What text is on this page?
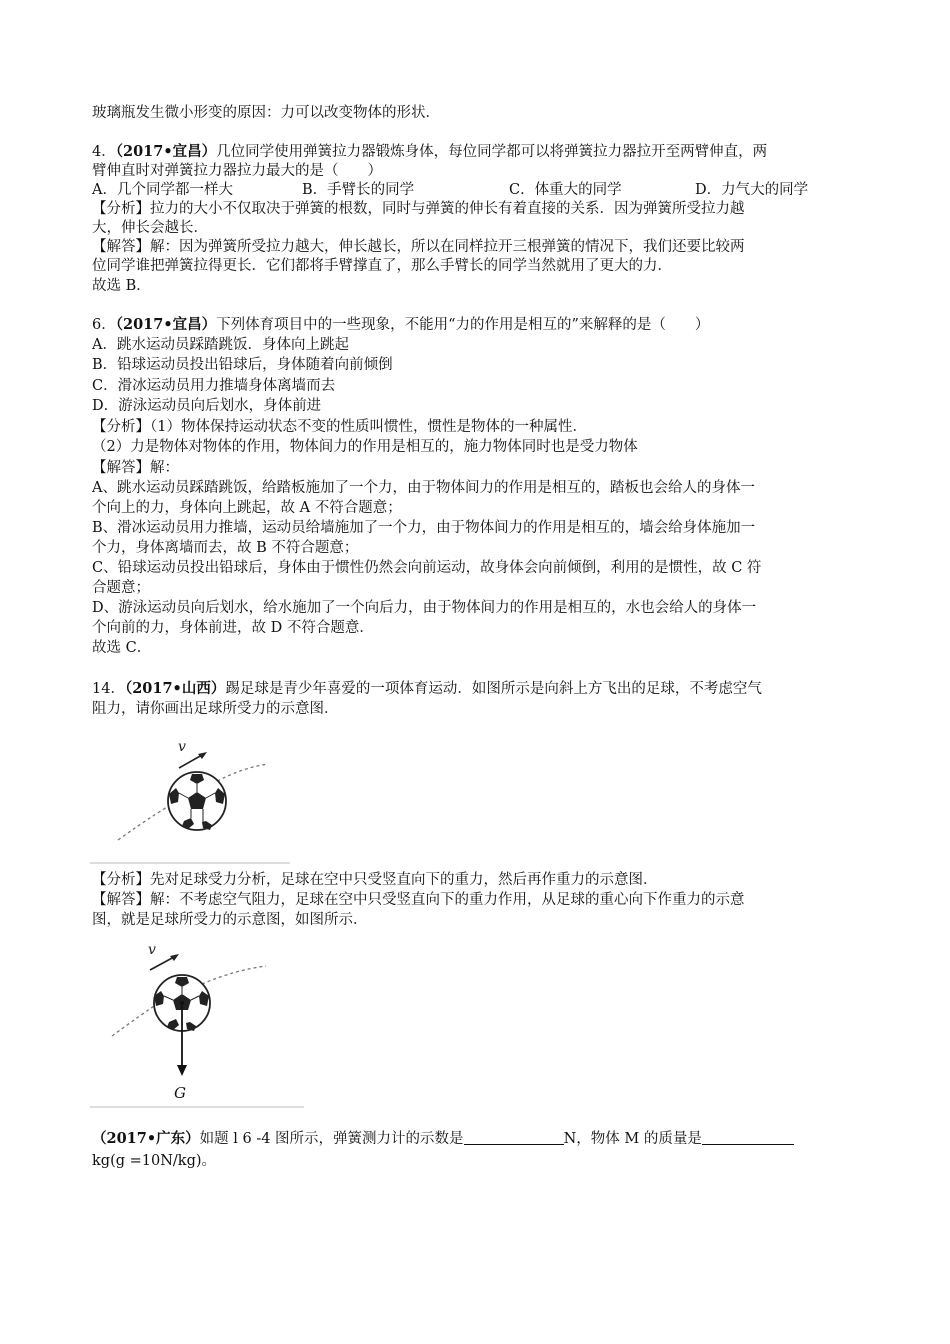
玻璃瓶发生微小形变的原因：力可以改变物体的形状．
4．（2017•宜昌）几位同学使用弹簧拉力器锻炼身体，每位同学都可以将弹簧拉力器拉开至两臂伸直，两
臂伸直时对弹簧拉力器拉力最大的是（　　）
A．几个同学都一样大	B．手臂长的同学	C．体重大的同学	D．力气大的同学
【分析】拉力的大小不仅取决于弹簧的根数，同时与弹簧的伸长有着直接的关系．因为弹簧所受拉力越
大，伸长会越长．
【解答】解：因为弹簧所受拉力越大，伸长越长，所以在同样拉开三根弹簧的情况下，我们还要比较两
位同学谁把弹簧拉得更长．它们都将手臂撑直了，那么手臂长的同学当然就用了更大的力．
故选 B．
6．（2017•宜昌）下列体育项目中的一些现象，不能用“力的作用是相互的”来解释的是（　　）
A．跳水运动员踩踏跳饭．身体向上跳起
B．铅球运动员投出铅球后，身体随着向前倾倒
C．滑冰运动员用力推墙身体离墙而去
D．游泳运动员向后划水，身体前进
【分析】（1）物体保持运动状态不变的性质叫惯性，惯性是物体的一种属性．
（2）力是物体对物体的作用，物体间力的作用是相互的，施力物体同时也是受力物体
【解答】解：
A、跳水运动员踩踏跳饭，给踏板施加了一个力，由于物体间力的作用是相互的，踏板也会给人的身体一
个向上的力，身体向上跳起，故 A 不符合题意；
B、滑冰运动员用力推墙，运动员给墙施加了一个力，由于物体间力的作用是相互的，墙会给身体施加一
个力，身体离墙而去，故 B 不符合题意；
C、铅球运动员投出铅球后，身体由于惯性仍然会向前运动，故身体会向前倾倒，利用的是惯性，故 C 符
合题意；
D、游泳运动员向后划水，给水施加了一个向后力，由于物体间力的作用是相互的，水也会给人的身体一
个向前的力，身体前进，故 D 不符合题意．
故选 C．
14．（2017•山西）踢足球是青少年喜爱的一项体育运动．如图所示是向斜上方飞出的足球，不考虑空气
阻力，请你画出足球所受力的示意图．
v
【分析】先对足球受力分析，足球在空中只受竖直向下的重力，然后再作重力的示意图．
【解答】解：不考虑空气阻力，足球在空中只受竖直向下的重力作用，从足球的重心向下作重力的示意
图，就是足球所受力的示意图，如图所示．
v
G
（2017•广东）如题 l 6 -4 图所示，弹簧测力计的示数是	N，物体 M 的质量是
kg(g =10N/kg)。
